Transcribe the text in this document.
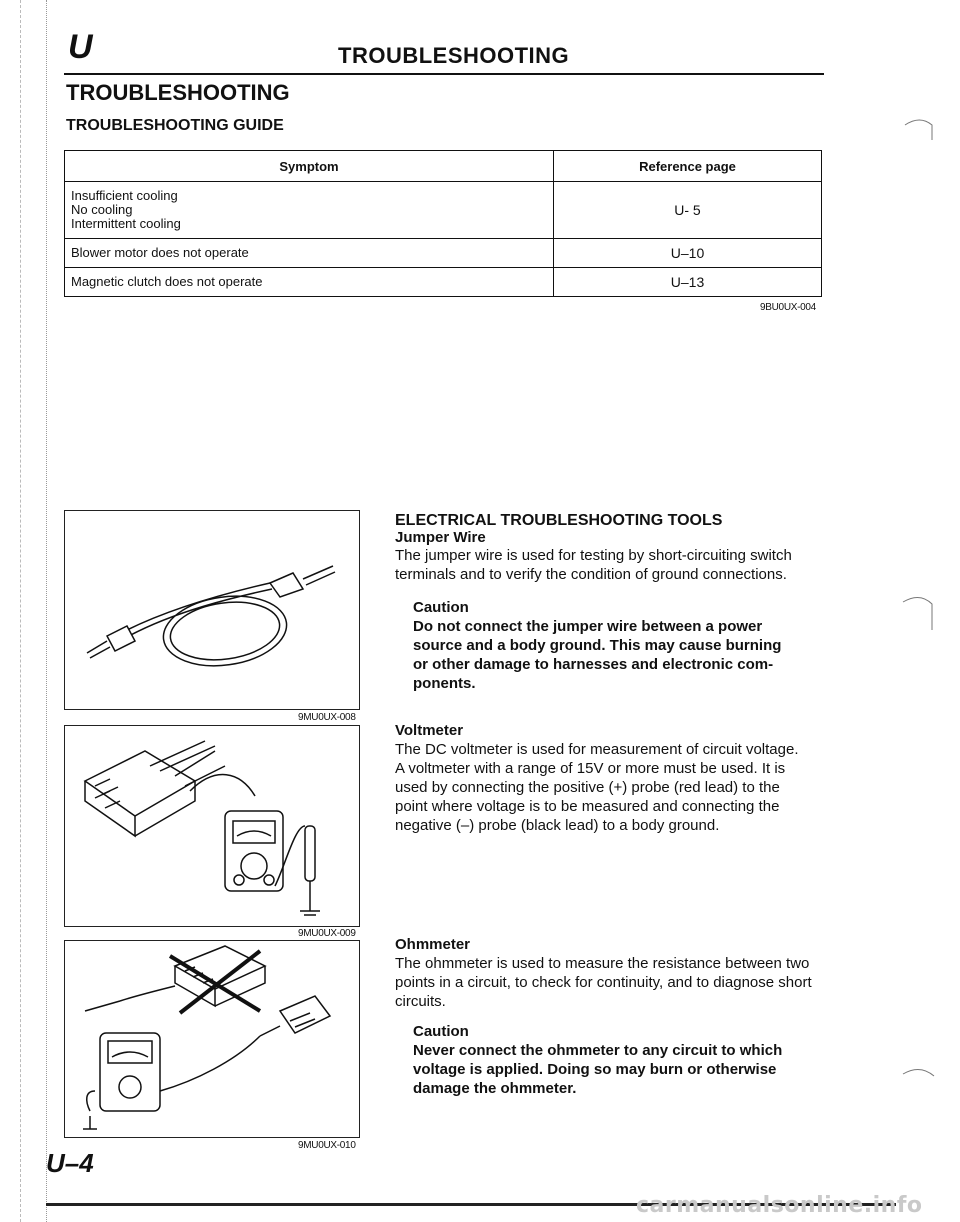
U	TROUBLESHOOTING
TROUBLESHOOTING
TROUBLESHOOTING GUIDE
Symptom	Reference page

Insufficient cooling
No cooling
Intermittent cooling	U- 5

Blower motor does not operate	U–10

Magnetic clutch does not operate	U–13
9BU0UX-004
9MU0UX-008
9MU0UX-009
9MU0UX-010
ELECTRICAL TROUBLESHOOTING TOOLS
Jumper Wire
The jumper wire is used for testing by short-circuiting switch
terminals and to verify the condition of ground connections.
Caution
Do not connect the jumper wire between a power
source and a body ground. This may cause burning
or other damage to harnesses and electronic com-
ponents.
Voltmeter
The DC voltmeter is used for measurement of circuit voltage.
A voltmeter with a range of 15V or more must be used. It is
used by connecting the positive (+) probe (red lead) to the
point where voltage is to be measured and connecting the
negative (–) probe (black lead) to a body ground.
Ohmmeter
The ohmmeter is used to measure the resistance between two
points in a circuit, to check for continuity, and to diagnose short
circuits.
Caution
Never connect the ohmmeter to any circuit to which
voltage is applied. Doing so may burn or otherwise
damage the ohmmeter.
U–4
carmanualsonline.info
